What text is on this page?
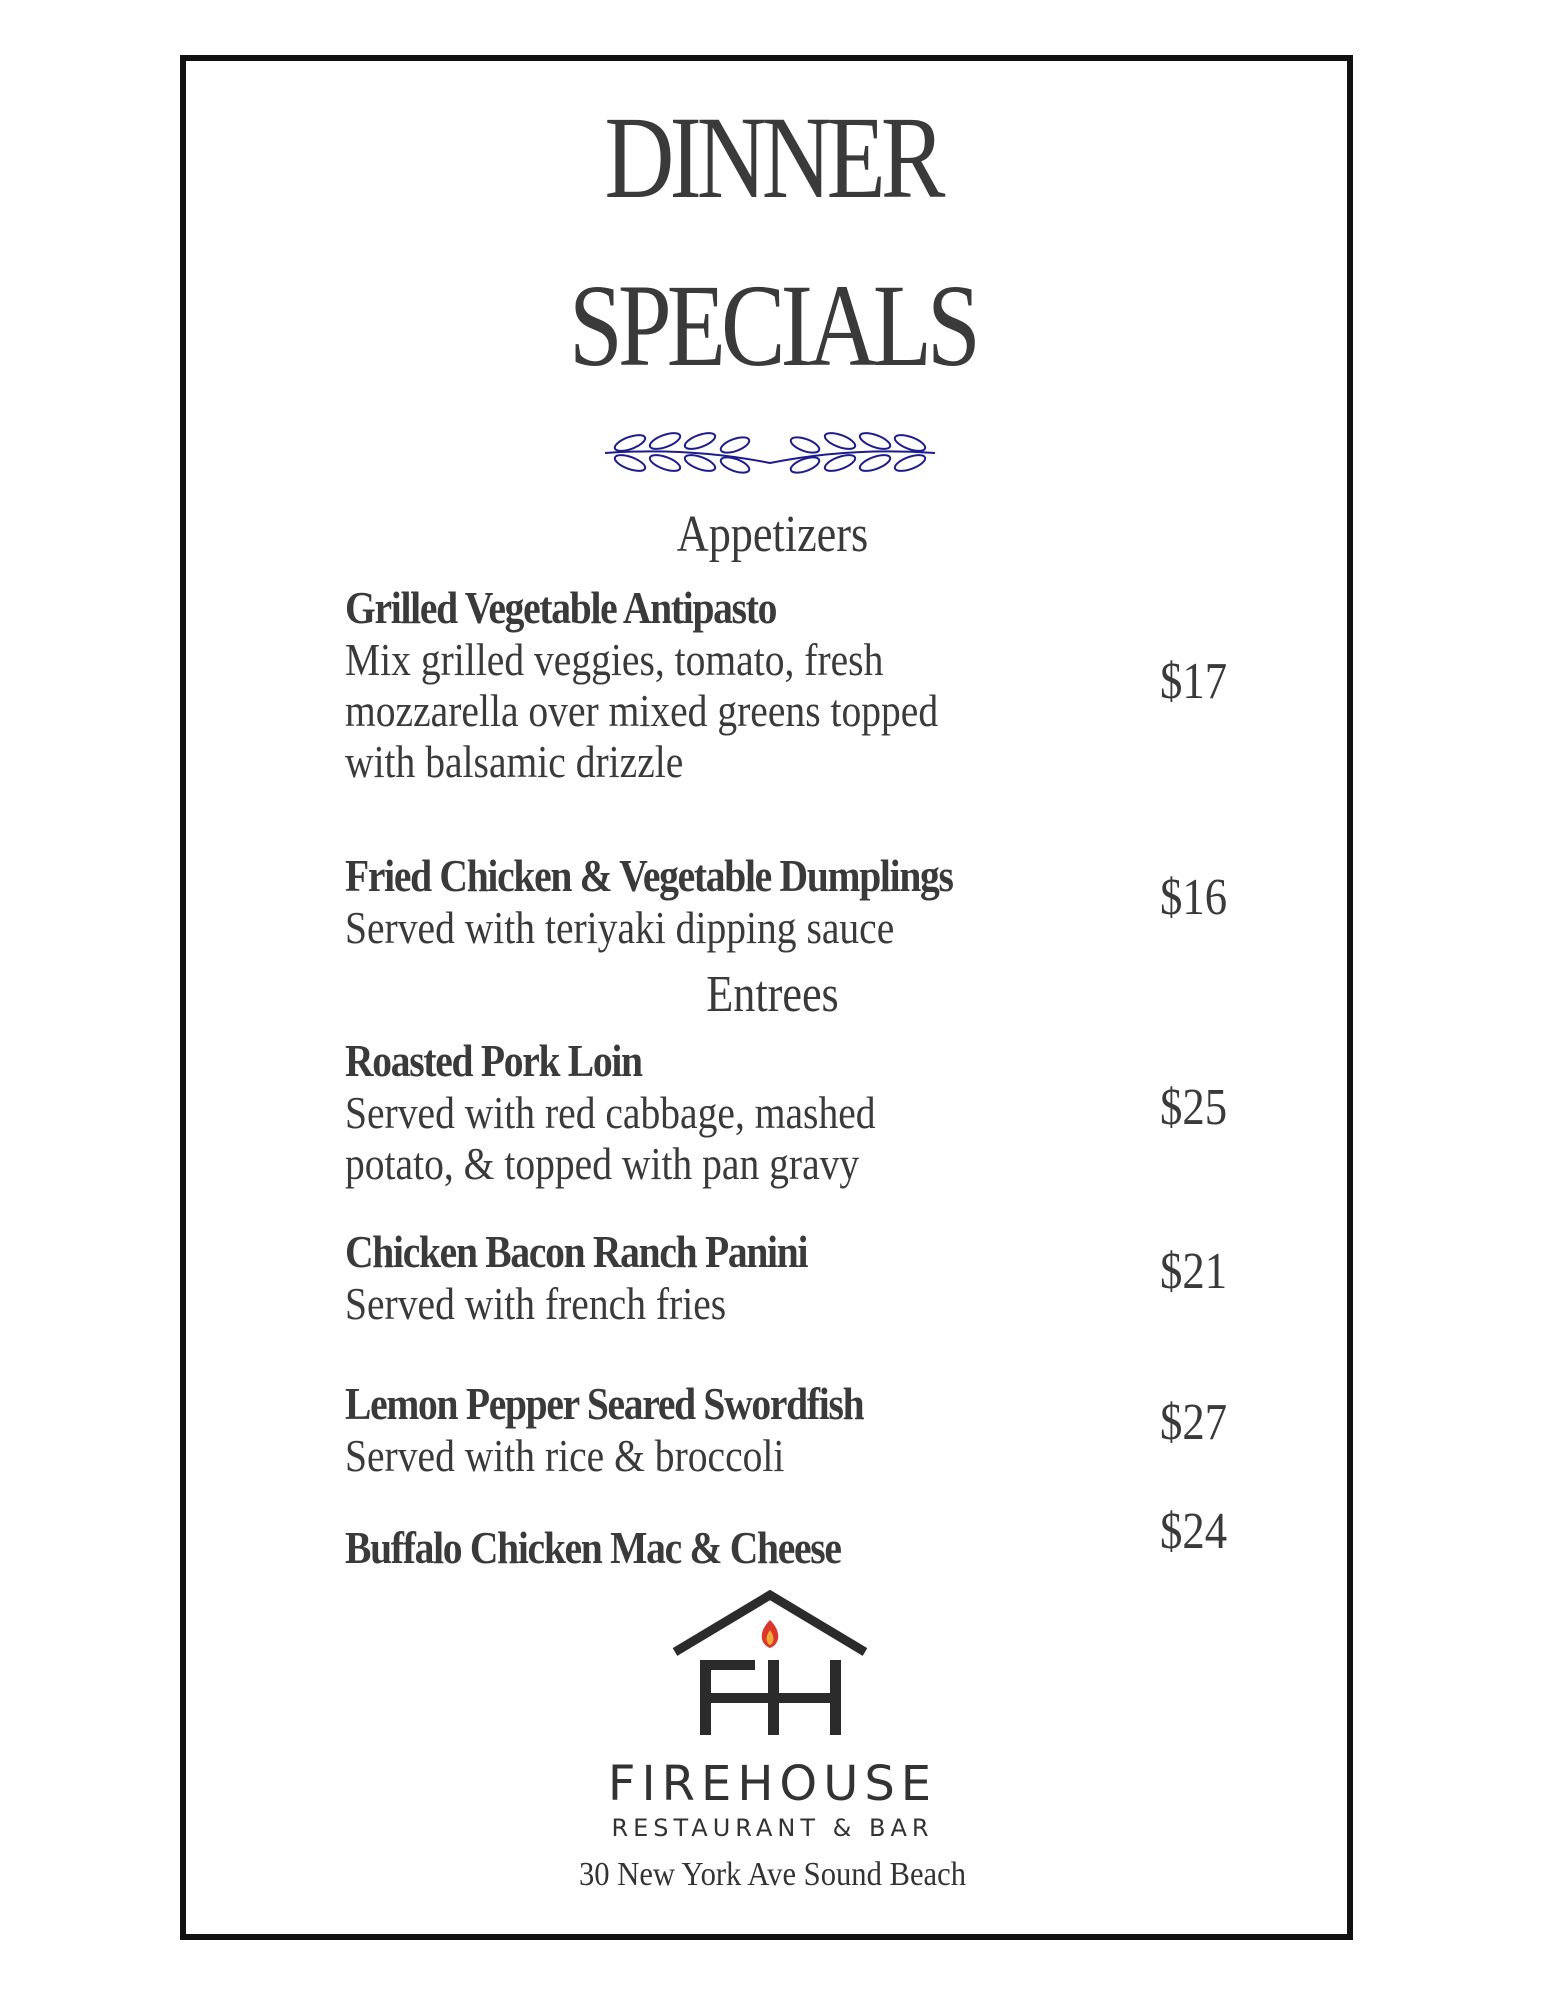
DINNER
SPECIALS
Appetizers
Grilled Vegetable Antipasto
Mix grilled veggies, tomato, fresh mozzarella over mixed greens topped with balsamic drizzle
$17
Fried Chicken & Vegetable Dumplings
Served with teriyaki dipping sauce
$16
Entrees
Roasted Pork Loin
Served with red cabbage, mashed potato, & topped with pan gravy
$25
Chicken Bacon Ranch Panini
Served with french fries
$21
Lemon Pepper Seared Swordfish
Served with rice & broccoli
$27
Buffalo Chicken Mac & Cheese	$24
FIREHOUSE
RESTAURANT & BAR
30 New York Ave Sound Beach
